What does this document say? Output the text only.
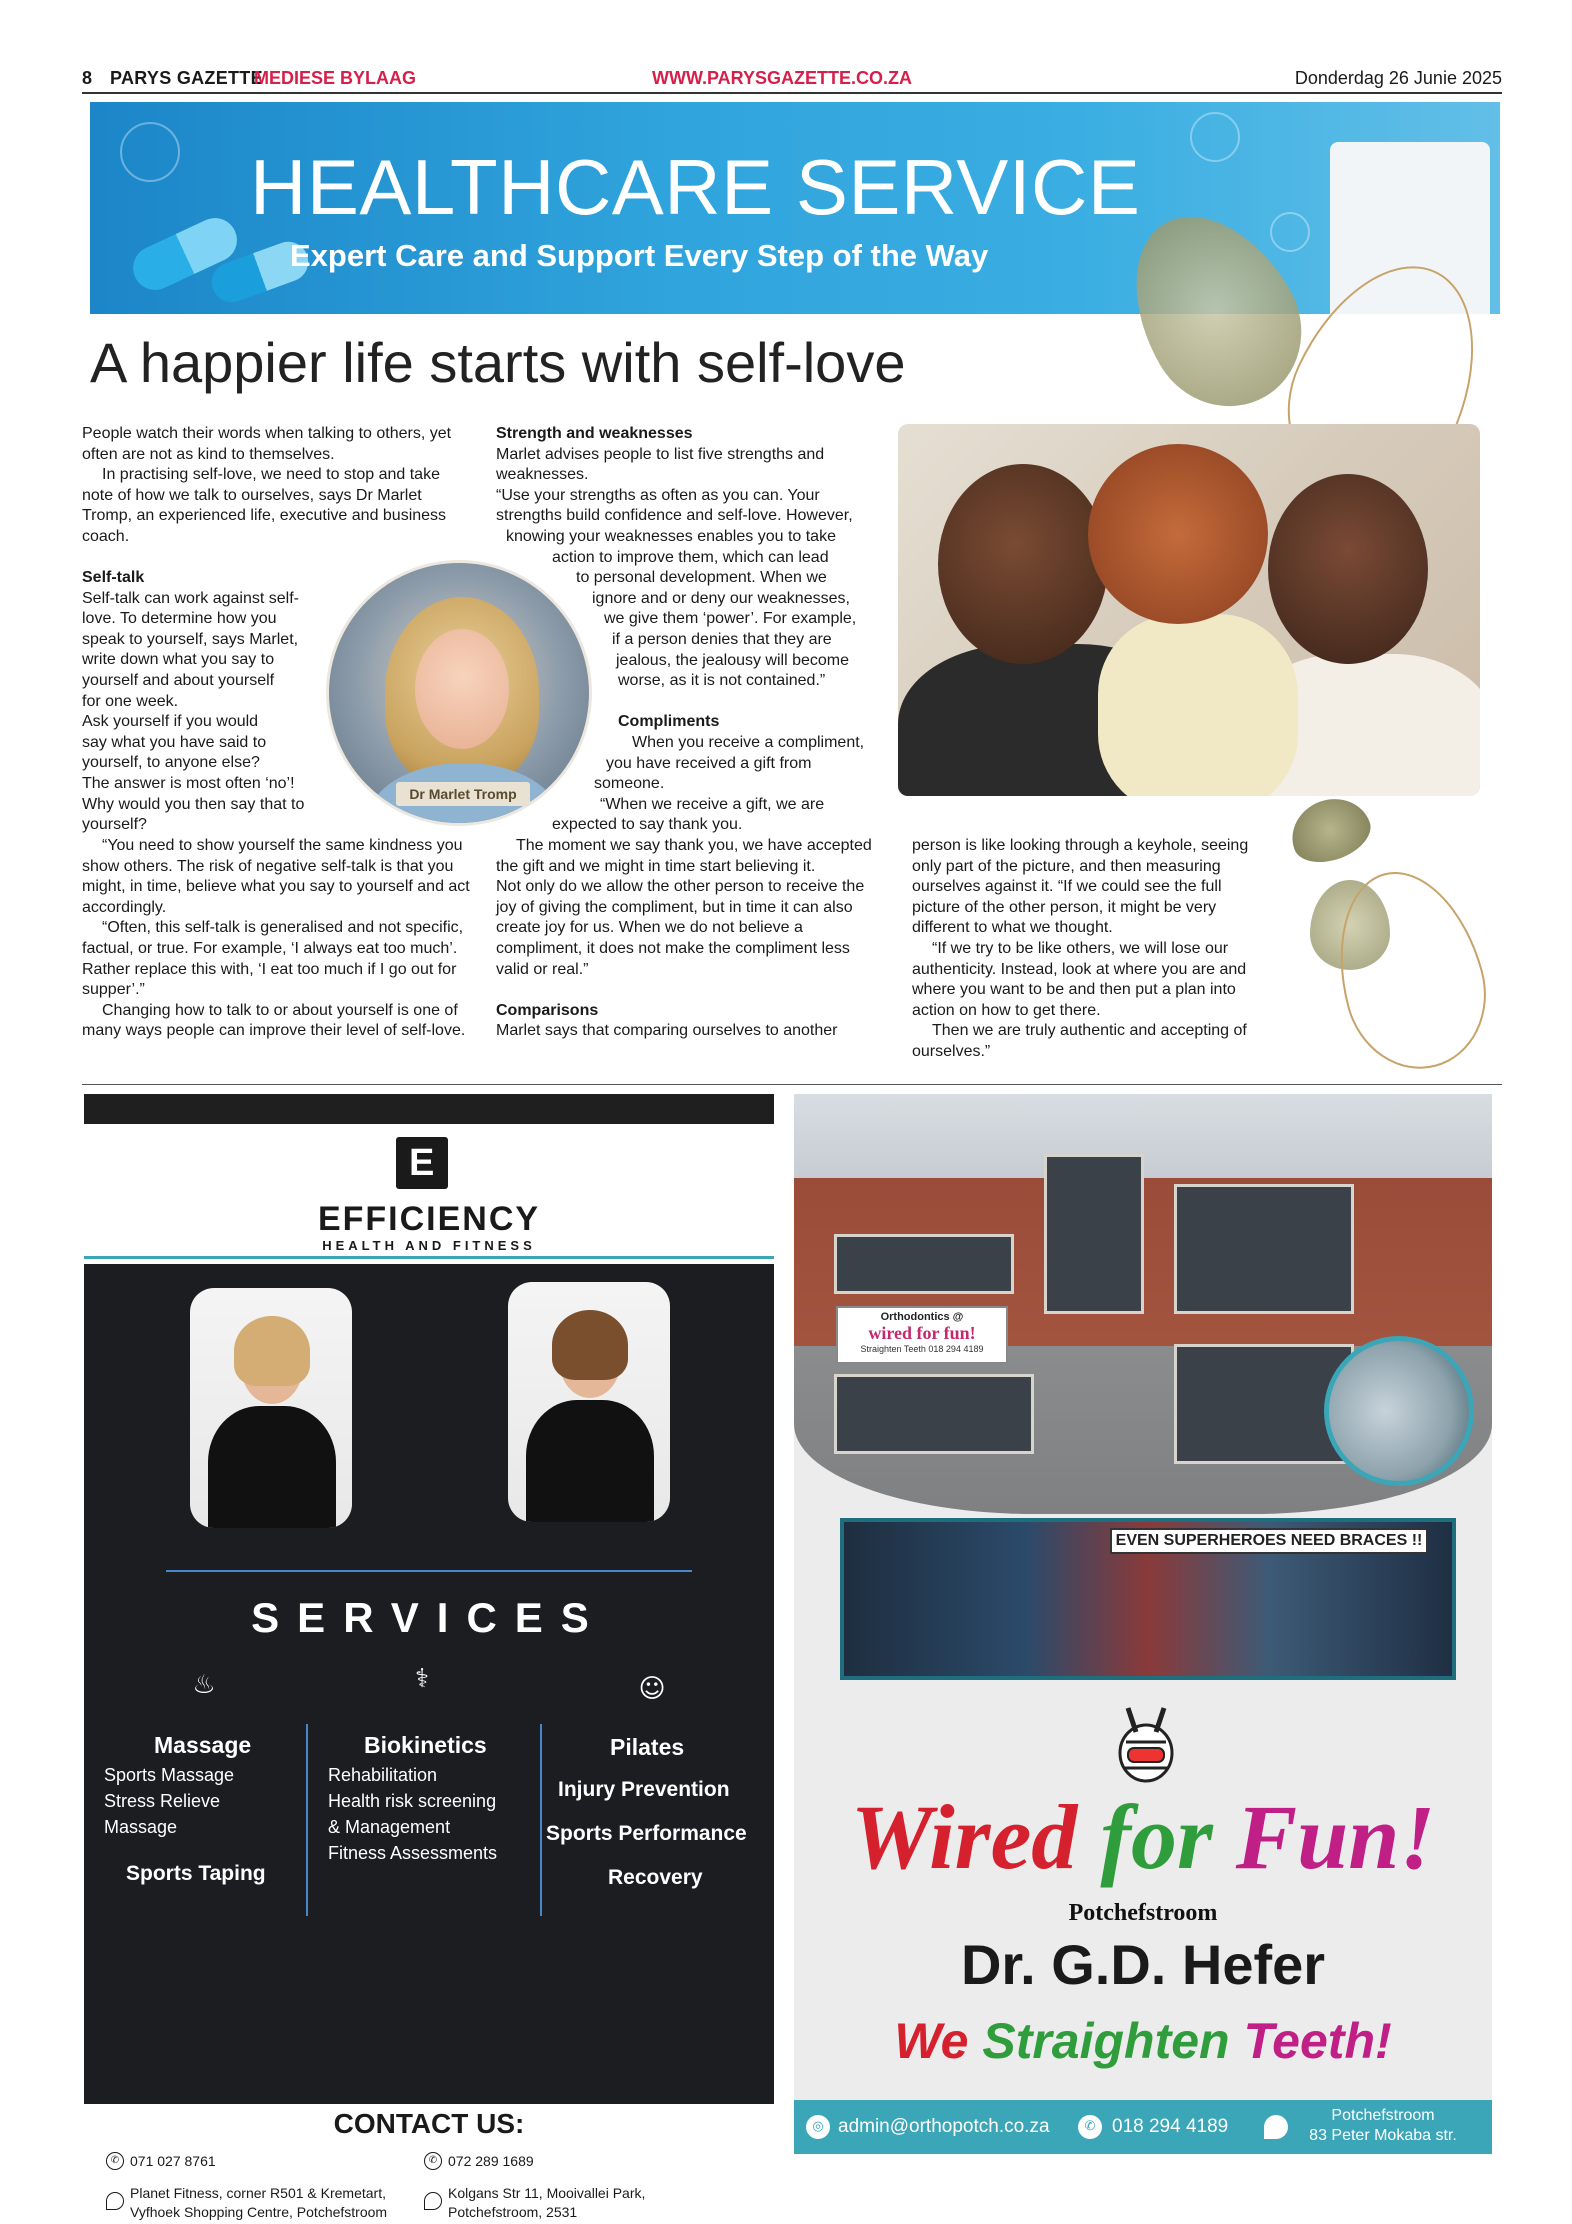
8 PARYS GAZETTE
MEDIESE BYLAAG	WWW.PARYSGAZETTE.CO.ZA	Donderdag 26 Junie 2025
HEALTHCARE SERVICE
Expert Care and Support Every Step of the Way
A happier life starts with self-love

People watch their words when talking to others, yet often are not as kind to themselves.

In practising self-love, we need to stop and take note of how we talk to ourselves, says Dr Marlet Tromp, an experienced life, executive and business coach.

Self-talk

Self-talk can work against self-

love. To determine how you

speak to yourself, says Marlet,

write down what you say to

yourself and about yourself

for one week.

Ask yourself if you would

say what you have said to

yourself, to anyone else?

The answer is most often ‘no’!

Why would you then say that to

yourself?

“You need to show yourself the same kindness you show others. The risk of negative self-talk is that you might, in time, believe what you say to yourself and act accordingly.

“Often, this self-talk is generalised and not specific, factual, or true. For example, ‘I always eat too much’. Rather replace this with, ‘I eat too much if I go out for supper’.”

Changing how to talk to or about yourself is one of many ways people can improve their level of self-love.

Dr Marlet Tromp

Strength and weaknesses

Marlet advises people to list five strengths and

weaknesses.

“Use your strengths as often as you can. Your

strengths build confidence and self-love. However,

knowing your weaknesses enables you to take

action to improve them, which can lead

to personal development. When we

ignore and or deny our weaknesses,

we give them ‘power’. For example,

if a person denies that they are

jealous, the jealousy will become

worse, as it is not contained.”

Compliments

When you receive a compliment,

you have received a gift from

someone.

“When we receive a gift, we are

expected to say thank you.

The moment we say thank you, we have accepted the gift and we might in time start believing it.

Not only do we allow the other person to receive the joy of giving the compliment, but in time it can also create joy for us. When we do not believe a compliment, it does not make the compliment less valid or real.”

Comparisons

Marlet says that comparing ourselves to another

person is like looking through a keyhole, seeing only part of the picture, and then measuring ourselves against it. “If we could see the full picture of the other person, it might be very different to what we thought.

“If we try to be like others, we will lose our authenticity. Instead, look at where you are and where you want to be and then put a plan into action on how to get there.

Then we are truly authentic and accepting of ourselves.”

E
EFFICIENCY
HEALTH AND FITNESS
SERVICES
♨	⚕	☺
Massage
Sports Massage
Stress Relieve
Massage
Sports Taping
Biokinetics
Rehabilitation
Health risk screening
& Management
Fitness Assessments
Pilates
Injury Prevention
Sports Performance
Recovery
CONTACT US:
✆ 071 027 8761	✆ 072 289 1689
Planet Fitness, corner R501 & Kremetart,
Vyfhoek Shopping Centre, Potchefstroom
Kolgans Str 11, Mooivallei Park,
Potchefstroom, 2531
Orthodontics @
wired for fun!
Straighten Teeth 018 294 4189
EVEN SUPERHEROES NEED BRACES !!
Wired for Fun!
Potchefstroom
Dr. G.D. Hefer
We Straighten Teeth!
◎ admin@orthopotch.co.za	✆ 018 294 4189
Potchefstroom
83 Peter Mokaba str.
